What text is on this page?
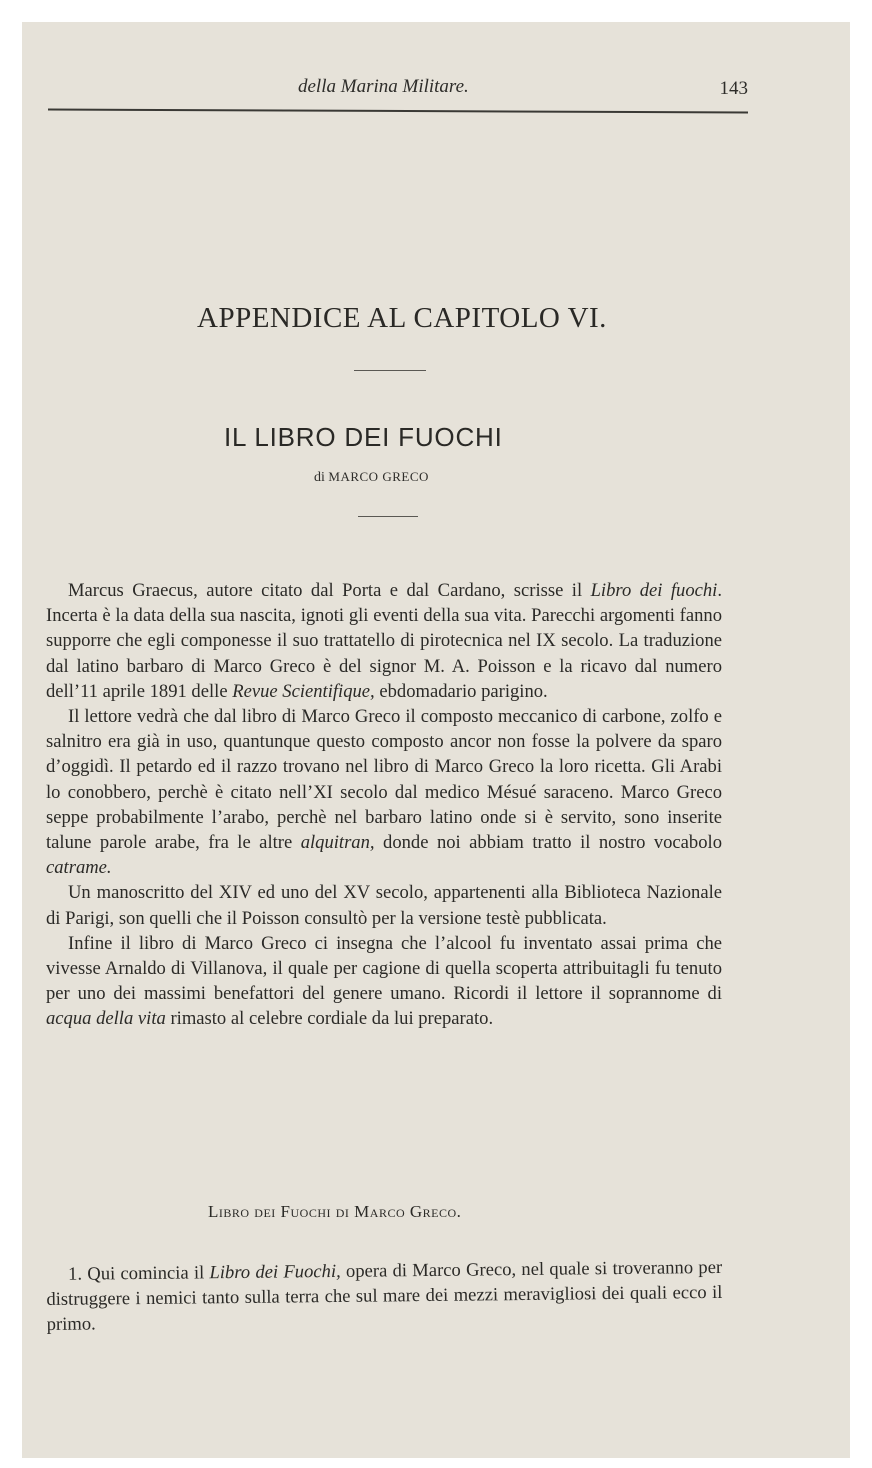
della Marina Militare.	143
APPENDICE AL CAPITOLO VI.
IL LIBRO DEI FUOCHI
di MARCO GRECO

Marcus Graecus, autore citato dal Porta e dal Cardano, scrisse il Libro dei fuochi. Incerta è la data della sua nascita, ignoti gli eventi della sua vita. Parecchi argomenti fanno supporre che egli componesse il suo trattatello di pirotecnica nel IX secolo. La traduzione dal latino barbaro di Marco Greco è del signor M. A. Poisson e la ricavo dal numero dell’11 aprile 1891 delle Revue Scientifique, ebdomadario parigino.

Il lettore vedrà che dal libro di Marco Greco il composto meccanico di carbone, zolfo e salnitro era già in uso, quantunque questo composto ancor non fosse la polvere da sparo d’oggidì. Il petardo ed il razzo trovano nel libro di Marco Greco la loro ricetta. Gli Arabi lo conobbero, perchè è citato nell’XI secolo dal medico Mésué saraceno. Marco Greco seppe probabilmente l’arabo, perchè nel barbaro latino onde si è servito, sono inserite talune parole arabe, fra le altre alquitran, donde noi abbiam tratto il nostro vocabolo catrame.

Un manoscritto del XIV ed uno del XV secolo, appartenenti alla Biblioteca Nazionale di Parigi, son quelli che il Poisson consultò per la versione testè pubblicata.

Infine il libro di Marco Greco ci insegna che l’alcool fu inventato assai prima che vivesse Arnaldo di Villanova, il quale per cagione di quella scoperta attribuitagli fu tenuto per uno dei massimi benefattori del genere umano. Ricordi il lettore il soprannome di acqua della vita rimasto al celebre cordiale da lui preparato.

Libro dei Fuochi di Marco Greco.

1. Qui comincia il Libro dei Fuochi, opera di Marco Greco, nel quale si troveranno per distruggere i nemici tanto sulla terra che sul mare dei mezzi meravigliosi dei quali ecco il primo.
